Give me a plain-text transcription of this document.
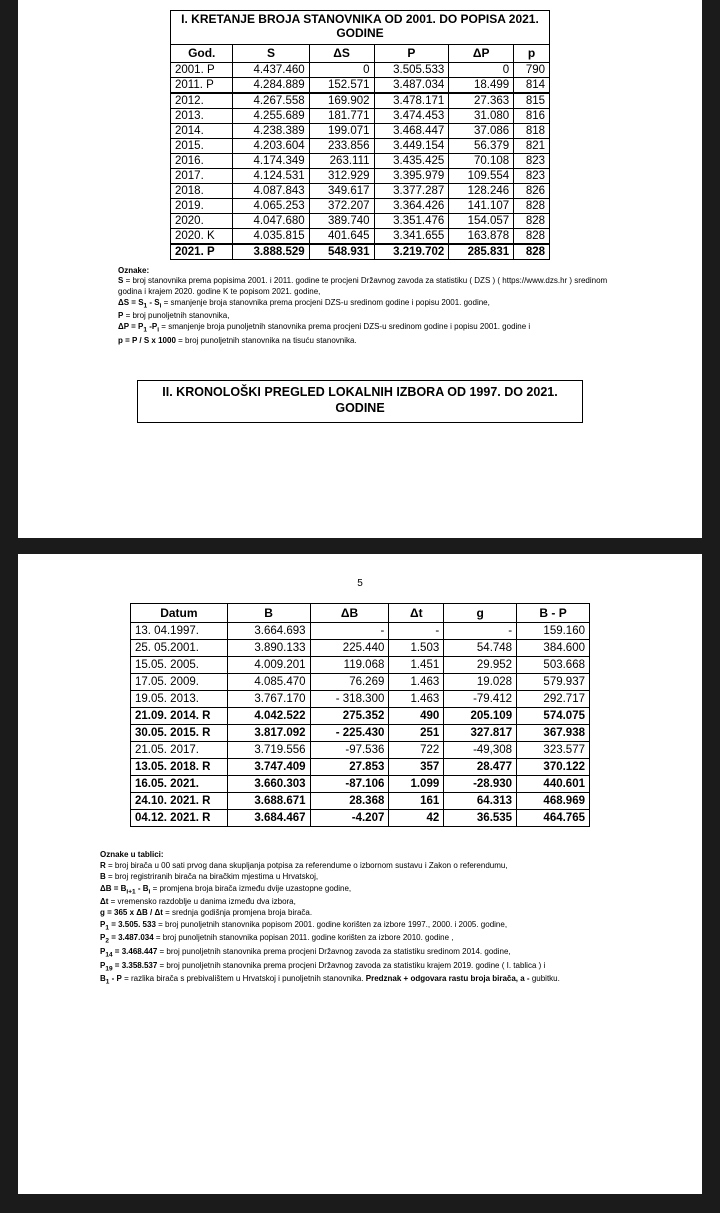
I. KRETANJE BROJA STANOVNIKA OD 2001. DO POPISA 2021. GODINE					
God.	S	ΔS	P	ΔP	p
2001. P	4.437.460	0	3.505.533	0	790
2011. P	4.284.889	152.571	3.487.034	18.499	814
2012.	4.267.558	169.902	3.478.171	27.363	815
2013.	4.255.689	181.771	3.474.453	31.080	816
2014.	4.238.389	199.071	3.468.447	37.086	818
2015.	4.203.604	233.856	3.449.154	56.379	821
2016.	4.174.349	263.111	3.435.425	70.108	823
2017.	4.124.531	312.929	3.395.979	109.554	823
2018.	4.087.843	349.617	3.377.287	128.246	826
2019.	4.065.253	372.207	3.364.426	141.107	828
2020.	4.047.680	389.740	3.351.476	154.057	828
2020. K	4.035.815	401.645	3.341.655	163.878	828
2021. P	3.888.529	548.931	3.219.702	285.831	828
Oznake:
S = broj stanovnika prema popisima 2001. i 2011. godine te procjeni Državnog zavoda za statistiku ( DZS ) ( https://www.dzs.hr ) sredinom godina i krajem 2020. godine K te popisom 2021. godine,
$\Delta S = S_1 - S_i$ = smanjenje broja stanovnika prema procjeni DZS-u sredinom godine i popisu 2001. godine,
P = broj punoljetnih stanovnika,
$\Delta P = P_1$ $-P_i$ = smanjenje broja punoljetnih stanovnika prema procjeni DZS-u sredinom godine i popisu 2001. godine i
p = P / S x 1000 = broj punoljetnih stanovnika na tisuću stanovnika.
II. KRONOLOŠKI PREGLED LOKALNIH IZBORA OD 1997. DO 2021. GODINE
5
Datum	B	ΔB	Δt	g	B - P
13. 04.1997.	3.664.693	-	-	-	159.160
25. 05.2001.	3.890.133	225.440	1.503	54.748	384.600
15.05. 2005.	4.009.201	119.068	1.451	29.952	503.668
17.05. 2009.	4.085.470	76.269	1.463	19.028	579.937
19.05. 2013.	3.767.170	- 318.300	1.463	-79.412	292.717
21.09. 2014. R	4.042.522	275.352	490	205.109	574.075
30.05. 2015. R	3.817.092	- 225.430	251	327.817	367.938
21.05. 2017.	3.719.556	-97.536	722	-49,308	323.577
13.05. 2018. R	3.747.409	27.853	357	28.477	370.122
16.05. 2021.	3.660.303	-87.106	1.099	-28.930	440.601
24.10. 2021. R	3.688.671	28.368	161	64.313	468.969
04.12. 2021. R	3.684.467	-4.207	42	36.535	464.765
Oznake u tablici:
R = broj birača u 00 sati prvog dana skupljanja potpisa za referendume o izbornom sustavu i Zakon o referendumu,
B = broj registriranih birača na biračkim mjestima u Hrvatskoj,
$\Delta B = B_{i+1} - B_i$ = promjena broja birača između dvije uzastopne godine,
Δt = vremensko razdoblje u danima između dva izbora,
g = 365 x ΔB / Δt = srednja godišnja promjena broja birača.
$P_1 = 3.505$. 533 = broj punoljetnih stanovnika popisom 2001. godine korišten za izbore 1997., 2000. i 2005. godine,
$P_2 = 3.487.034$ = broj punoljetnih stanovnika popisan 2011. godine korišten za izbore 2010. godine ,
$P_{14} = 3.468.447$ = broj punoljetnih stanovnika prema procjeni Državnog zavoda za statistiku sredinom 2014. godine,
$P_{19} = 3.358.537$ = broj punoljetnih stanovnika prema procjeni Državnog zavoda za statistiku krajem 2019. godine ( I. tablica ) i
$B_1$ - P = razlika birača s prebivalištem u Hrvatskoj i punoljetnih stanovnika. Predznak + odgovara rastu broja birača, a - gubitku.
